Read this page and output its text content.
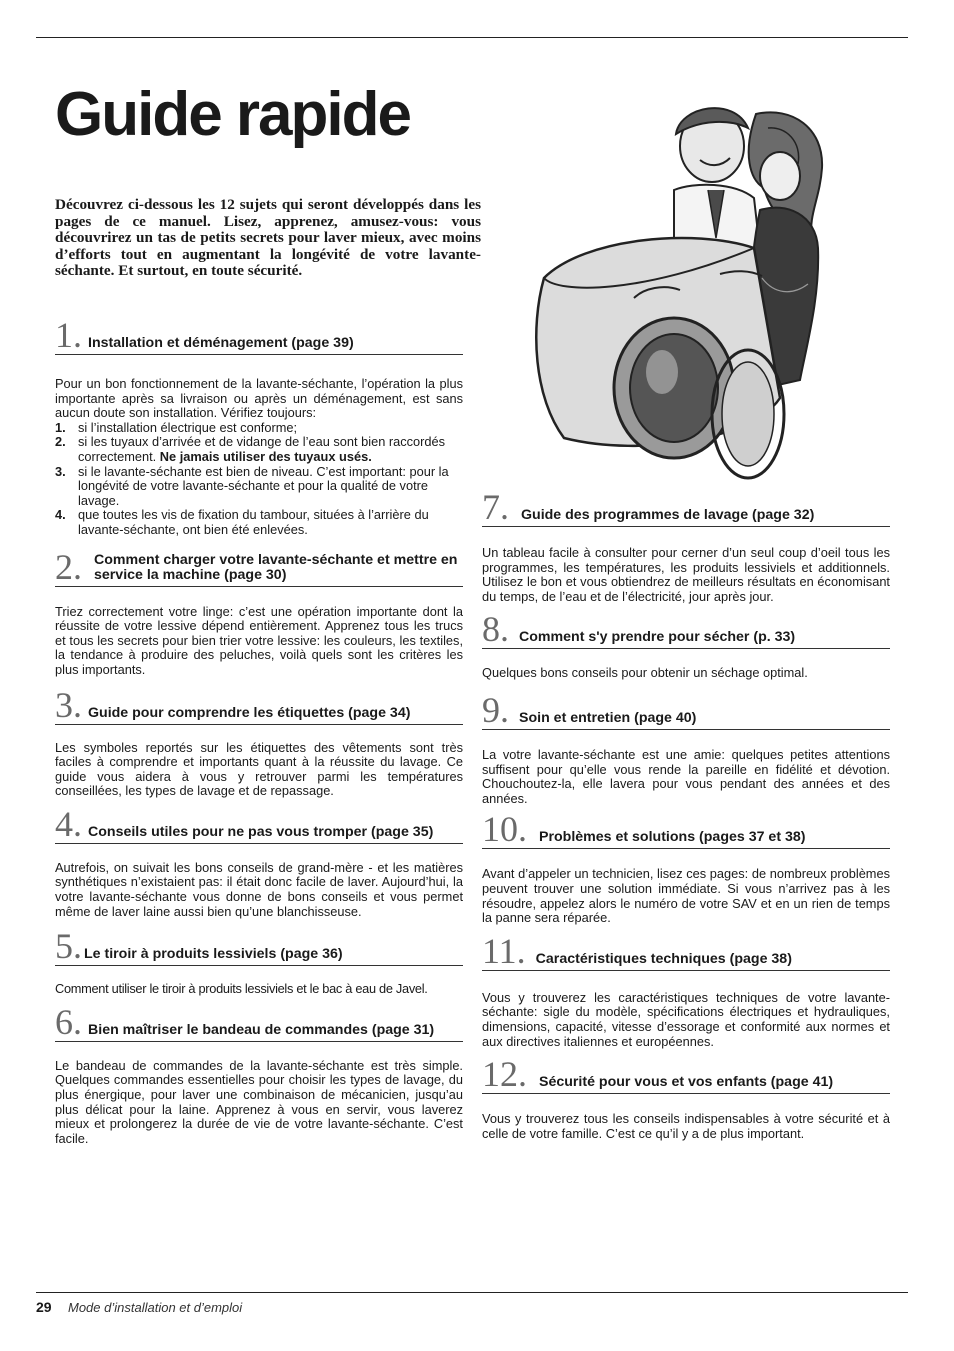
Guide rapide

Découvrez ci-dessous les 12 sujets qui seront développés dans les pages de ce manuel. Lisez, apprenez, amusez-vous: vous découvrirez un tas de petits secrets pour laver mieux, avec moins d’efforts tout en augmentant la longévité de votre lavante-séchante. Et surtout, en toute sécurité.

1. Installation et déménagement (page 39)

Pour un bon fonctionnement de la lavante-séchante, l’opération la plus importante après sa livraison ou après un déménagement, est sans aucun doute son installation. Vérifiez toujours:

1. si l’installation électrique est conforme;
2. si les tuyaux d’arrivée et de vidange de l’eau sont bien raccordés correctement. Ne jamais utiliser des tuyaux usés.
3. si le lavante-séchante est bien de niveau. C’est important: pour la longévité de votre lavante-séchante et pour la qualité de votre lavage.
4. que toutes les vis de fixation du tambour, situées à l’arrière du lavante-séchante, ont bien été enlevées.
2. Comment charger votre lavante-séchante et mettre en service la machine (page 30)

Triez correctement votre linge: c’est une opération importante dont la réussite de votre lessive dépend entièrement. Apprenez tous les trucs et tous les secrets pour bien trier votre lessive: les couleurs, les textiles, la tendance à produire des peluches, voilà quels sont les critères les plus importants.

3. Guide pour comprendre les étiquettes (page 34)

Les symboles reportés sur les étiquettes des vêtements sont très faciles à comprendre et importants quant à la réussite du lavage. Ce guide vous aidera à vous y retrouver parmi les températures conseillées, les types de lavage et de repassage.

4. Conseils utiles pour ne pas vous tromper (page 35)

Autrefois, on suivait les bons conseils de grand-mère - et les matières synthétiques n’existaient pas: il était donc facile de laver. Aujourd’hui, la votre lavante-séchante vous donne de bons conseils et vous permet même de laver laine aussi bien qu’une blanchisseuse.

5. Le tiroir à produits lessiviels (page 36)

Comment utiliser le tiroir à produits lessiviels et le bac à eau de Javel.

6. Bien maîtriser le bandeau de commandes (page 31)

Le bandeau de commandes de la lavante-séchante est très simple. Quelques commandes essentielles pour choisir les types de lavage, du plus énergique, pour laver une combinaison de mécanicien, jusqu’au plus délicat pour la laine. Apprenez à vous en servir, vous laverez mieux et prolongerez la durée de vie de votre lavante-séchante. C’est facile.

7. Guide des programmes de lavage (page 32)

Un tableau facile à consulter pour cerner d’un seul coup d’oeil tous les programmes, les températures, les produits lessiviels et additionnels. Utilisez le bon et vous obtiendrez de meilleurs résultats en économisant du temps, de l’eau et de l’électricité, jour après jour.

8. Comment s'y prendre pour sécher (p. 33)

Quelques bons conseils pour obtenir un séchage optimal.

9. Soin et entretien (page 40)

La votre lavante-séchante est une amie: quelques petites attentions suffisent pour qu’elle vous rende la pareille en fidélité et dévotion. Chouchoutez-la, elle lavera pour vous pendant des années et des années.

10. Problèmes et solutions (pages 37 et 38)

Avant d’appeler un technicien, lisez ces pages: de nombreux problèmes peuvent trouver une solution immédiate. Si vous n’arrivez pas à les résoudre, appelez alors le numéro de votre SAV et en un rien de temps la panne sera réparée.

11. Caractéristiques techniques (page 38)

Vous y trouverez les caractéristiques techniques de votre lavante-séchante: sigle du modèle, spécifications électriques et hydrauliques, dimensions, capacité, vitesse d’essorage et conformité aux normes et aux directives italiennes et européennes.

12. Sécurité pour vous et vos enfants (page 41)

Vous y trouverez tous les conseils indispensables à votre sécurité et à celle de votre famille. C’est ce qu’il y a de plus important.

29 Mode d’installation et d’emploi
